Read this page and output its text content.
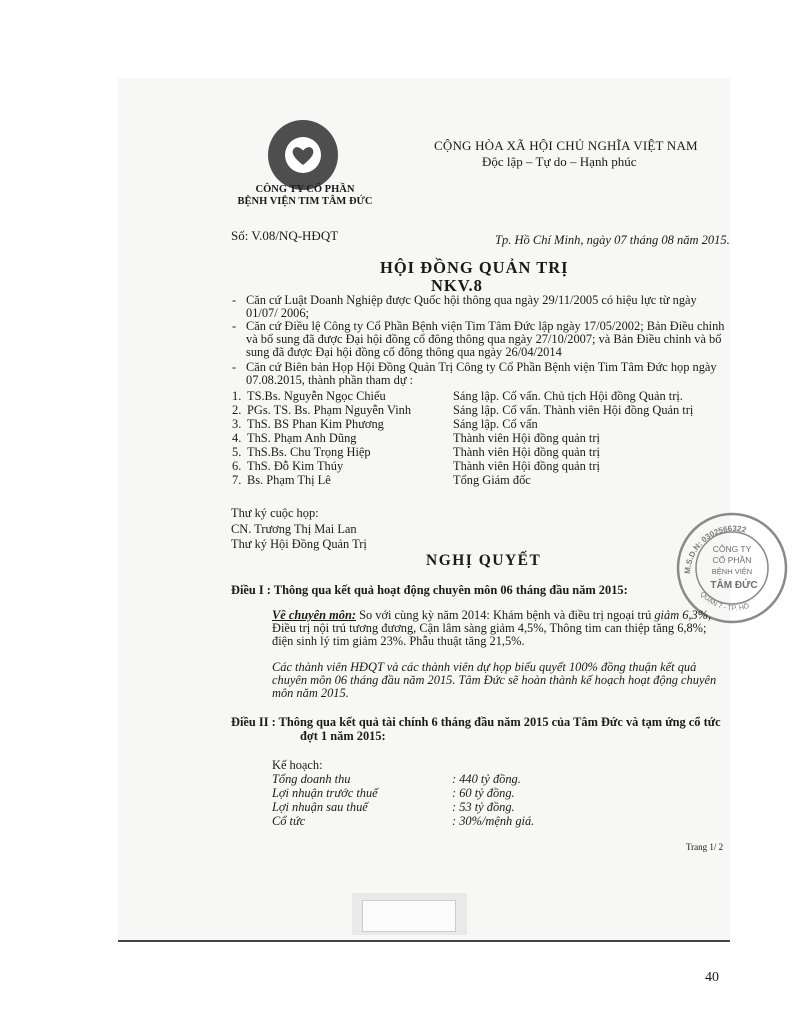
CÔNG TY CỔ PHẦN
BỆNH VIỆN TIM TÂM ĐỨC
CỘNG HÒA XÃ HỘI CHỦ NGHĨA VIỆT NAM
Độc lập – Tự do – Hạnh phúc
Số: V.08/NQ-HĐQT	Tp. Hồ Chí Minh, ngày 07 tháng 08 năm 2015.
HỘI ĐỒNG QUẢN TRỊ
NKV.8
- Căn cứ Luật Doanh Nghiệp được Quốc hội thông qua ngày 29/11/2005 có hiệu lực từ ngày 01/07/ 2006;
- Căn cứ Điều lệ Công ty Cổ Phần Bệnh viện Tim Tâm Đức lập ngày 17/05/2002; Bản Điều chỉnh và bổ sung đã được Đại hội đồng cổ đông thông qua ngày 27/10/2007; và Bản Điều chỉnh và bổ sung đã được Đại hội đồng cổ đông thông qua ngày 26/04/2014
- Căn cứ Biên bản Họp Hội Đồng Quản Trị Công ty Cổ Phần Bệnh viện Tim Tâm Đức họp ngày 07.08.2015, thành phần tham dự :
1. TS.Bs. Nguyễn Ngọc Chiếu	Sáng lập. Cố vấn. Chủ tịch Hội đồng Quản trị.
2. PGs. TS. Bs. Phạm Nguyễn Vinh	Sáng lập. Cố vấn. Thành viên Hội đồng Quản trị
3. ThS. BS Phan Kim Phương	Sáng lập. Cố vấn
4. ThS. Phạm Anh Dũng	Thành viên Hội đồng quản trị
5. ThS.Bs. Chu Trọng Hiệp	Thành viên Hội đồng quản trị
6. ThS. Đỗ Kim Thúy	Thành viên Hội đồng quản trị
7. Bs. Phạm Thị Lê	Tổng Giám đốc
Thư ký cuộc họp:
CN. Trương Thị Mai Lan
Thư ký Hội Đồng Quản Trị
M.S.D.N: 0302566322
QUẬN 7 - TP. HỒ
CÔNG TY
CỔ PHẦN
BỆNH VIỆN
TÂM ĐỨC
NGHỊ QUYẾT
Điều I : Thông qua kết quả hoạt động chuyên môn 06 tháng đầu năm 2015:
Về chuyên môn: So với cùng kỳ năm 2014: Khám bệnh và điều trị ngoại trú giảm 6,3%, Điều trị nội trú tương đương, Cận lâm sàng giảm 4,5%, Thông tim can thiệp tăng 6,8%; điện sinh lý tim giảm 23%. Phẫu thuật tăng 21,5%.
Các thành viên HĐQT và các thành viên dự họp biểu quyết 100% đồng thuận kết quả chuyên môn 06 tháng đầu năm 2015. Tâm Đức sẽ hoàn thành kế hoạch hoạt động chuyên môn năm 2015.
Điều II : Thông qua kết quả tài chính 6 tháng đầu năm 2015 của Tâm Đức và tạm ứng cổ tức
đợt 1 năm 2015:
Kế hoạch:
Tổng doanh thu	: 440 tỷ đồng.
Lợi nhuận trước thuế	: 60 tỷ đồng.
Lợi nhuận sau thuế	: 53 tỷ đồng.
Cổ tức	: 30%/mệnh giá.
Trang 1/ 2
40
